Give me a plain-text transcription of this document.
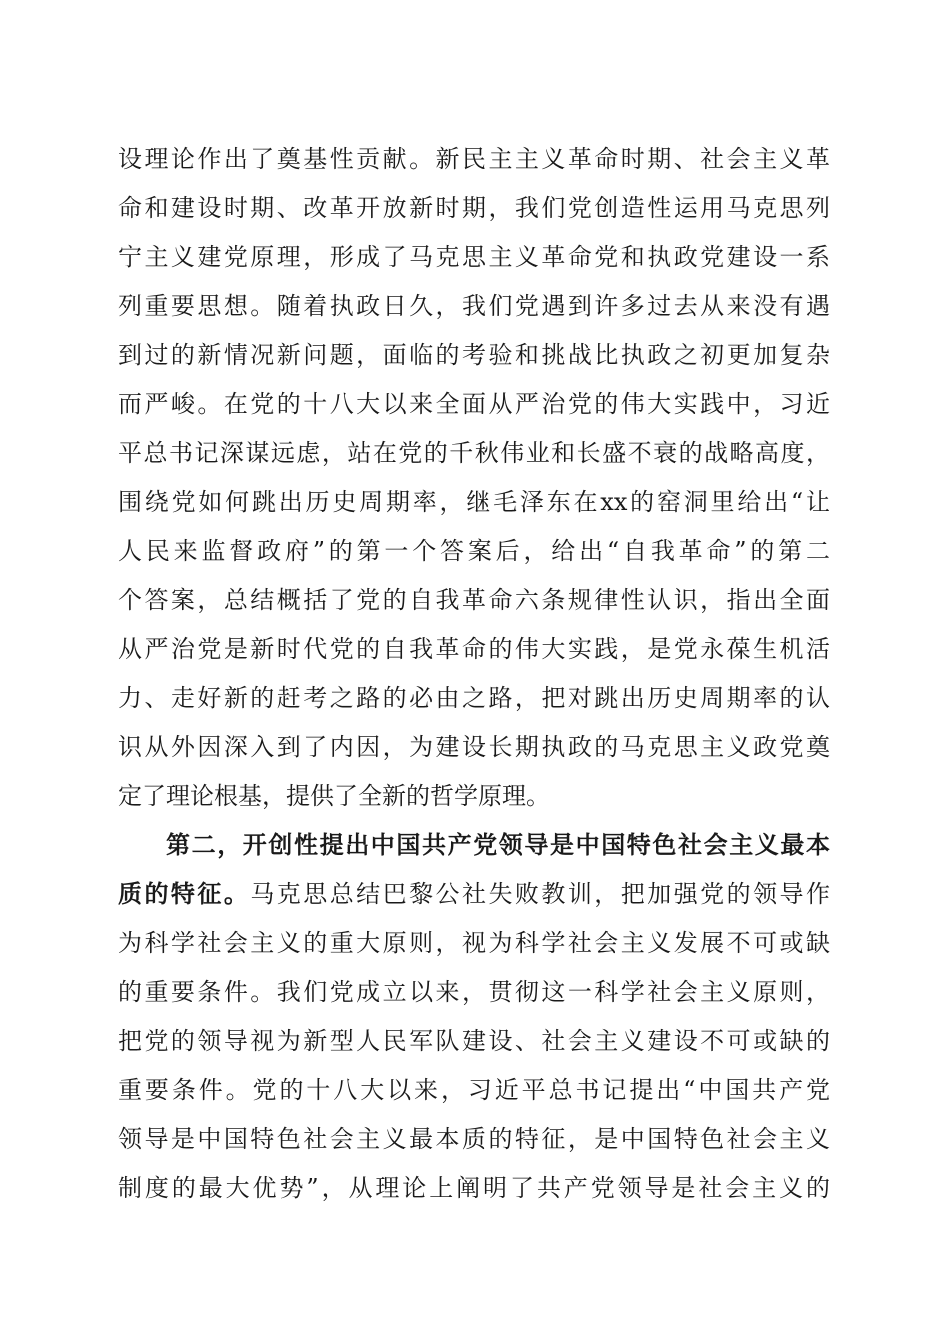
设理论作出了奠基性贡献。新民主主义革命时期、社会主义革
命和建设时期、改革开放新时期，我们党创造性运用马克思列
宁主义建党原理，形成了马克思主义革命党和执政党建设一系
列重要思想。随着执政日久，我们党遇到许多过去从来没有遇
到过的新情况新问题，面临的考验和挑战比执政之初更加复杂
而严峻。在党的十八大以来全面从严治党的伟大实践中，习近
平总书记深谋远虑，站在党的千秋伟业和长盛不衰的战略高度，
围绕党如何跳出历史周期率，继毛泽东在xx的窑洞里给出“让
人民来监督政府”的第一个答案后，给出“自我革命”的第二
个答案，总结概括了党的自我革命六条规律性认识，指出全面
从严治党是新时代党的自我革命的伟大实践，是党永葆生机活
力、走好新的赶考之路的必由之路，把对跳出历史周期率的认
识从外因深入到了内因，为建设长期执政的马克思主义政党奠
定了理论根基，提供了全新的哲学原理。
第二，开创性提出中国共产党领导是中国特色社会主义最本
质的特征。马克思总结巴黎公社失败教训，把加强党的领导作
为科学社会主义的重大原则，视为科学社会主义发展不可或缺
的重要条件。我们党成立以来，贯彻这一科学社会主义原则，
把党的领导视为新型人民军队建设、社会主义建设不可或缺的
重要条件。党的十八大以来，习近平总书记提出“中国共产党
领导是中国特色社会主义最本质的特征，是中国特色社会主义
制度的最大优势”，从理论上阐明了共产党领导是社会主义的
